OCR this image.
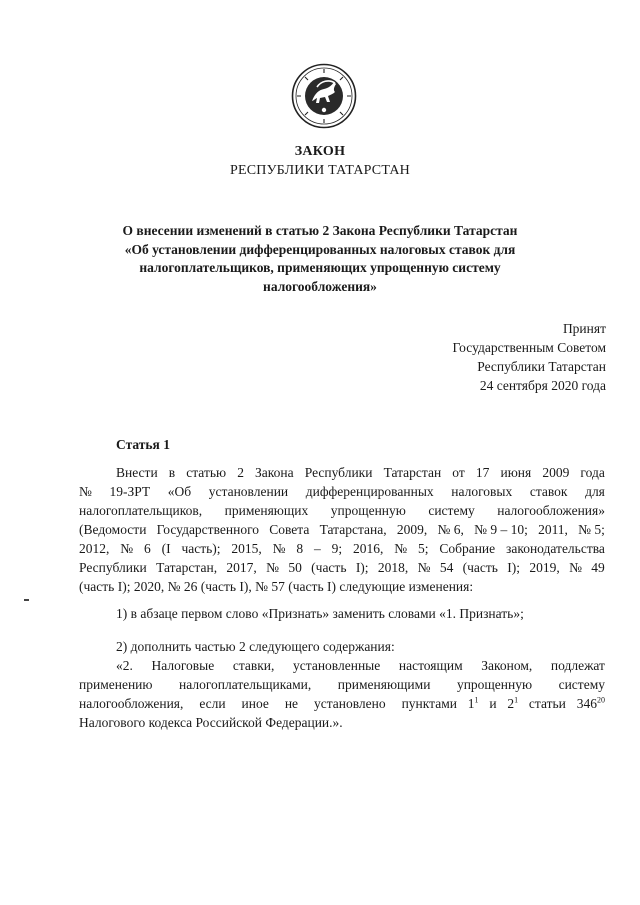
ЗАКОН
РЕСПУБЛИКИ ТАТАРСТАН
О внесении изменений в статью 2 Закона Республики Татарстан
«Об установлении дифференцированных налоговых ставок для
налогоплательщиков, применяющих упрощенную систему
налогообложения»
Принят
Государственным Советом
Республики Татарстан
24 сентября 2020 года
Статья 1
Внести в статью 2 Закона Республики Татарстан от 17 июня 2009 года
№ 19-ЗРТ «Об установлении дифференцированных налоговых ставок для
налогоплательщиков, применяющих упрощенную систему налогообложения»
(Ведомости Государственного Совета Татарстана, 2009, № 6, № 9 – 10; 2011, № 5;
2012, № 6 (I часть); 2015, № 8 – 9; 2016, № 5; Собрание законодательства
Республики Татарстан, 2017, № 50 (часть I); 2018, № 54 (часть I); 2019, № 49
(часть I); 2020, № 26 (часть I), № 57 (часть I) следующие изменения:
1) в абзаце первом слово «Признать» заменить словами «1. Признать»;
2) дополнить частью 2 следующего содержания:
«2. Налоговые ставки, установленные настоящим Законом, подлежат
применению налогоплательщиками, применяющими упрощенную систему
налогообложения, если иное не установлено пунктами $1^1$ и $2^1$ статьи $346^{20}$
Налогового кодекса Российской Федерации.».
